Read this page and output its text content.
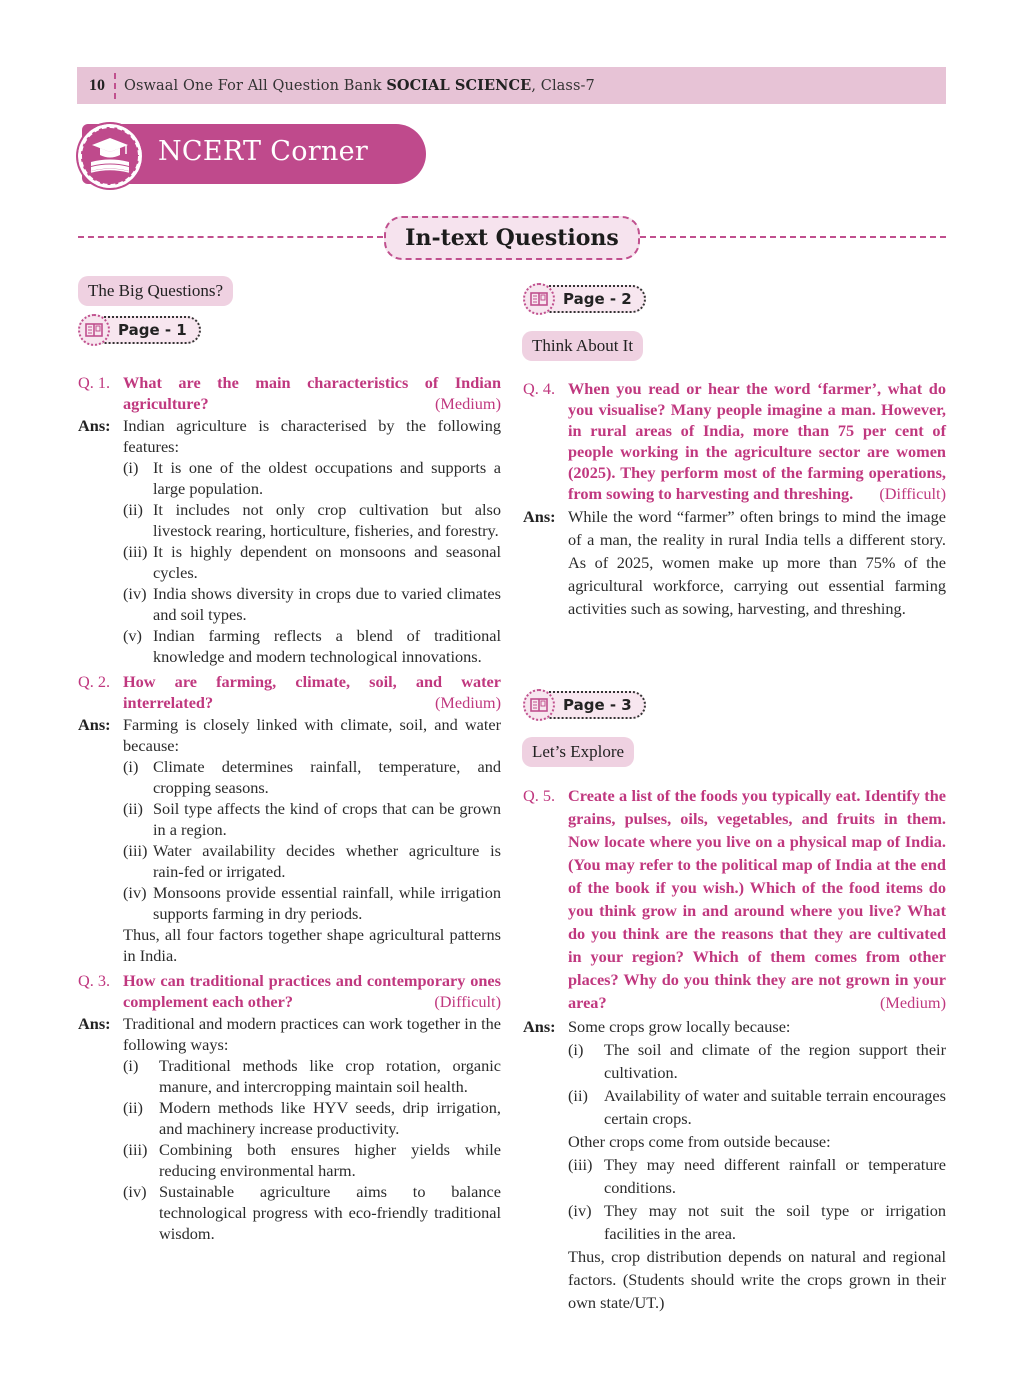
10 Oswaal One For All Question Bank SOCIAL SCIENCE, Class-7
NCERT Corner
In-text Questions
The Big Questions?
Page - 1
Q. 1. What are the main characteristics of Indian agriculture?	(Medium)
Ans: Indian agriculture is characterised by the following features:
(i) It is one of the oldest occupations and supports a large population.
(ii) It includes not only crop cultivation but also livestock rearing, horticulture, fisheries, and forestry.
(iii) It is highly dependent on monsoons and seasonal cycles.
(iv) India shows diversity in crops due to varied climates and soil types.
(v) Indian farming reflects a blend of traditional knowledge and modern technological innovations.
Q. 2. How are farming, climate, soil, and water interrelated?	(Medium)
Ans: Farming is closely linked with climate, soil, and water because:
(i) Climate determines rainfall, temperature, and cropping seasons.
(ii) Soil type affects the kind of crops that can be grown in a region.
(iii) Water availability decides whether agriculture is rain-fed or irrigated.
(iv) Monsoons provide essential rainfall, while irrigation supports farming in dry periods.
Thus, all four factors together shape agricultural patterns in India.
Q. 3. How can traditional practices and contemporary ones complement each other?	(Difficult)
Ans: Traditional and modern practices can work together in the following ways:
(i) Traditional methods like crop rotation, organic manure, and intercropping maintain soil health.
(ii) Modern methods like HYV seeds, drip irrigation, and machinery increase productivity.
(iii) Combining both ensures higher yields while reducing environmental harm.
(iv) Sustainable agriculture aims to balance technological progress with eco-friendly traditional wisdom.
Page - 2
Think About It
Q. 4. When you read or hear the word ‘farmer’, what do you visualise? Many people imagine a man. However, in rural areas of India, more than 75 per cent of people working in the agriculture sector are women (2025). They perform most of the farming operations, from sowing to harvesting and threshing. (Difficult)
Ans: While the word “farmer” often brings to mind the image of a man, the reality in rural India tells a different story. As of 2025, women make up more than 75% of the agricultural workforce, carrying out essential farming activities such as sowing, harvesting, and threshing.
Page - 3
Let’s Explore
Q. 5. Create a list of the foods you typically eat. Identify the grains, pulses, oils, vegetables, and fruits in them. Now locate where you live on a physical map of India. (You may refer to the political map of India at the end of the book if you wish.) Which of the food items do you think grow in and around where you live? What do you think are the reasons that they are cultivated in your region? Which of them comes from other places? Why do you think they are not grown in your area?	(Medium)
Ans: Some crops grow locally because:
(i) The soil and climate of the region support their cultivation.
(ii) Availability of water and suitable terrain encourages certain crops.
Other crops come from outside because:
(iii) They may need different rainfall or temperature conditions.
(iv) They may not suit the soil type or irrigation facilities in the area.
Thus, crop distribution depends on natural and regional factors. (Students should write the crops grown in their own state/UT.)
